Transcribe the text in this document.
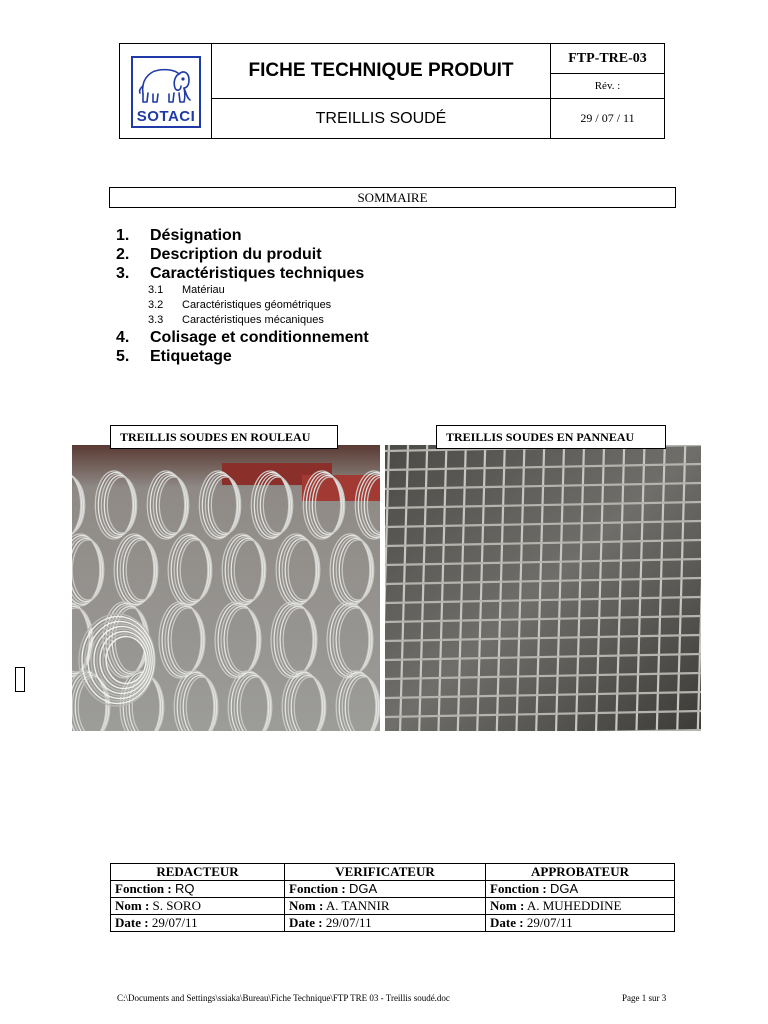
SOTACI
FICHE TECHNIQUE PRODUIT
TREILLIS SOUDÉ
FTP-TRE-03
Rév. :
29 / 07 / 11
SOMMAIRE
1.	Désignation
2.	Description du produit
3.	Caractéristiques techniques
3.1	Matériau
3.2	Caractéristiques géométriques
3.3	Caractéristiques mécaniques
4.	Colisage et conditionnement
5.	Etiquetage
TREILLIS SOUDES EN ROULEAU	TREILLIS SOUDES EN PANNEAU
REDACTEUR	VERIFICATEUR	APPROBATEUR
Fonction : RQ	Fonction : DGA	Fonction : DGA
Nom : S. SORO	Nom : A. TANNIR	Nom : A. MUHEDDINE
Date : 29/07/11	Date : 29/07/11	Date : 29/07/11
C:\Documents and Settings\ssiaka\Bureau\Fiche Technique\FTP TRE 03 - Treillis soudé.doc	Page 1 sur 3
